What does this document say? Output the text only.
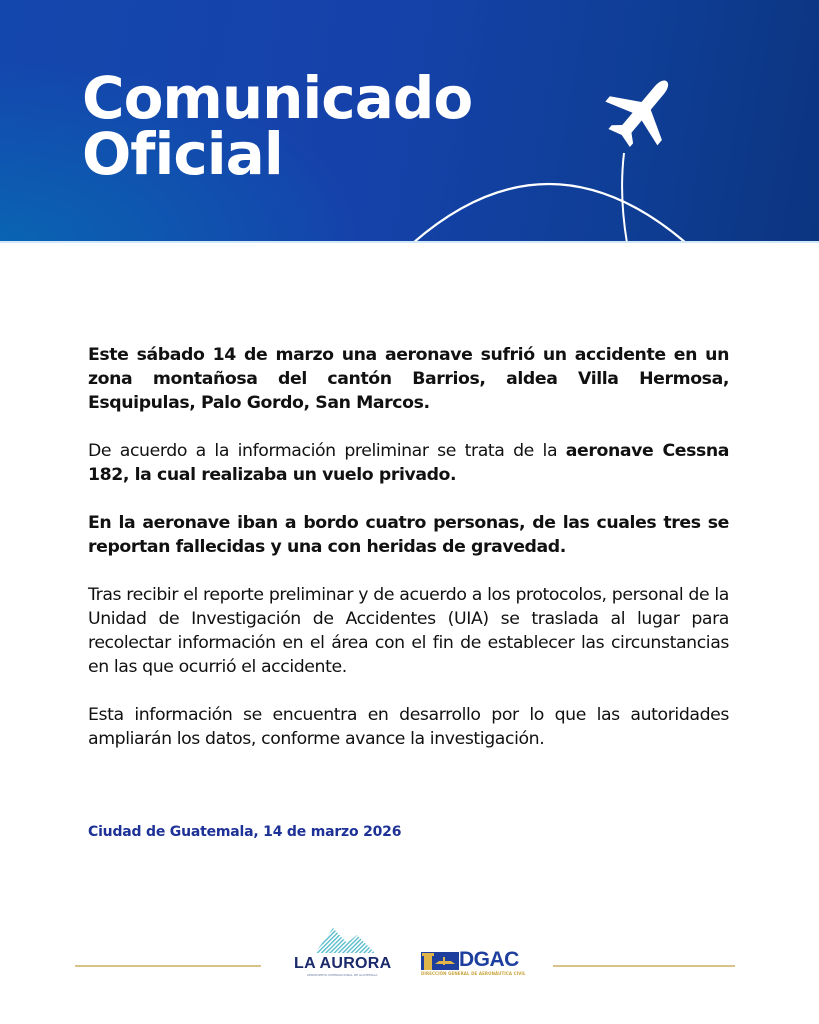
Comunicado
Oficial

Este sábado 14 de marzo una aeronave sufrió un accidente en un zona montañosa del cantón Barrios, aldea Villa Hermosa, Esquipulas, Palo Gordo, San Marcos.

De acuerdo a la información preliminar se trata de la aeronave Cessna 182, la cual realizaba un vuelo privado.

En la aeronave iban a bordo cuatro personas, de las cuales tres se reportan fallecidas y una con heridas de gravedad.

Tras recibir el reporte preliminar y de acuerdo a los protocolos, personal de la Unidad de Investigación de Accidentes (UIA) se traslada al lugar para recolectar información en el área con el fin de establecer las circunstancias en las que ocurrió el accidente.

Esta información se encuentra en desarrollo por lo que las autoridades ampliarán los datos, conforme avance la investigación.

Ciudad de Guatemala, 14 de marzo 2026
LA AURORA
AEROPUERTO INTERNACIONAL DE GUATEMALA
DGAC
DIRECCIÓN GENERAL DE AERONÁUTICA CIVIL
